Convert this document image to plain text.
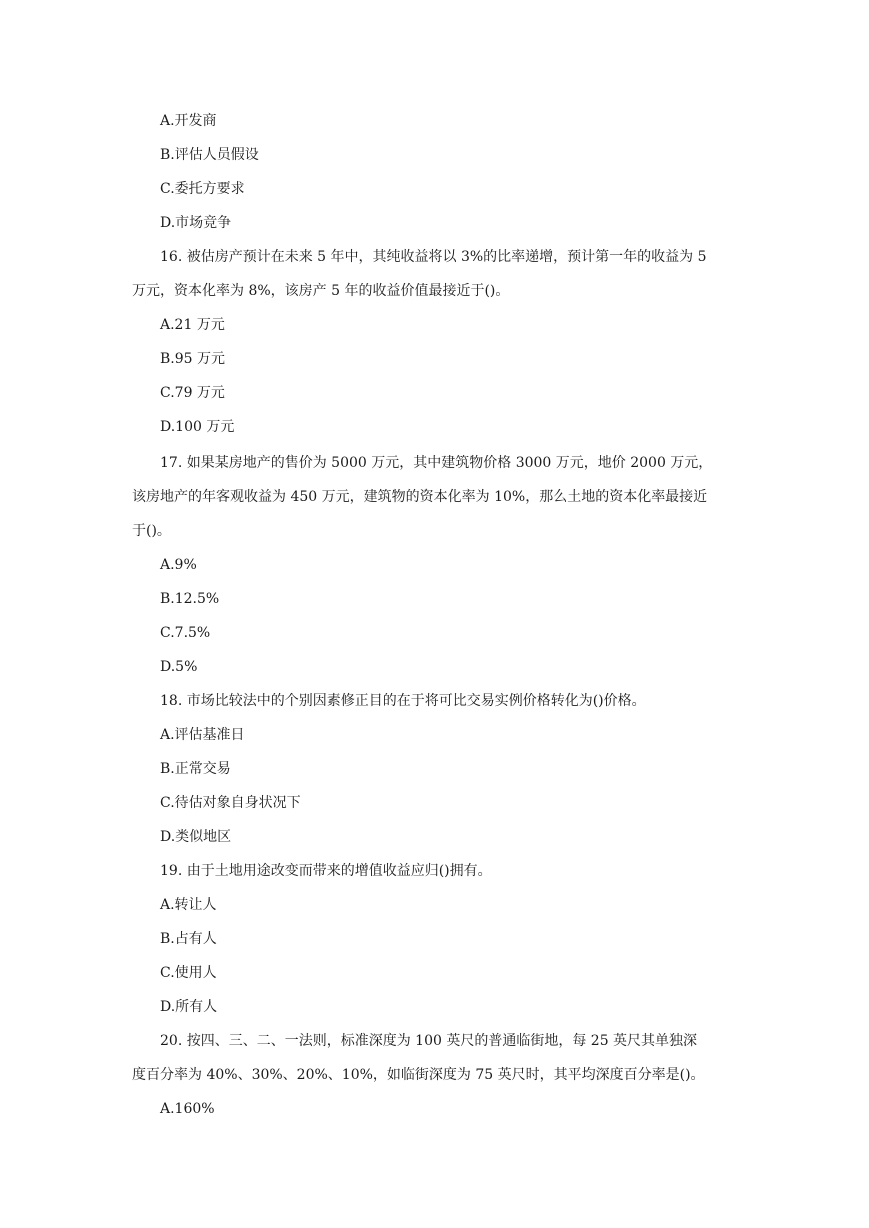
A.开发商
B.评估人员假设
C.委托方要求
D.市场竞争
16. 被估房产预计在未来 5 年中，其纯收益将以 3%的比率递增，预计第一年的收益为 5
万元，资本化率为 8%，该房产 5 年的收益价值最接近于()。
A.21 万元
B.95 万元
C.79 万元
D.100 万元
17. 如果某房地产的售价为 5000 万元，其中建筑物价格 3000 万元，地价 2000 万元，
该房地产的年客观收益为 450 万元，建筑物的资本化率为 10%，那么土地的资本化率最接近
于()。
A.9%
B.12.5%
C.7.5%
D.5%
18. 市场比较法中的个别因素修正目的在于将可比交易实例价格转化为()价格。
A.评估基准日
B.正常交易
C.待估对象自身状况下
D.类似地区
19. 由于土地用途改变而带来的增值收益应归()拥有。
A.转让人
B.占有人
C.使用人
D.所有人
20. 按四、三、二、一法则，标准深度为 100 英尺的普通临街地，每 25 英尺其单独深
度百分率为 40%、30%、20%、10%，如临街深度为 75 英尺时，其平均深度百分率是()。
A.160%
